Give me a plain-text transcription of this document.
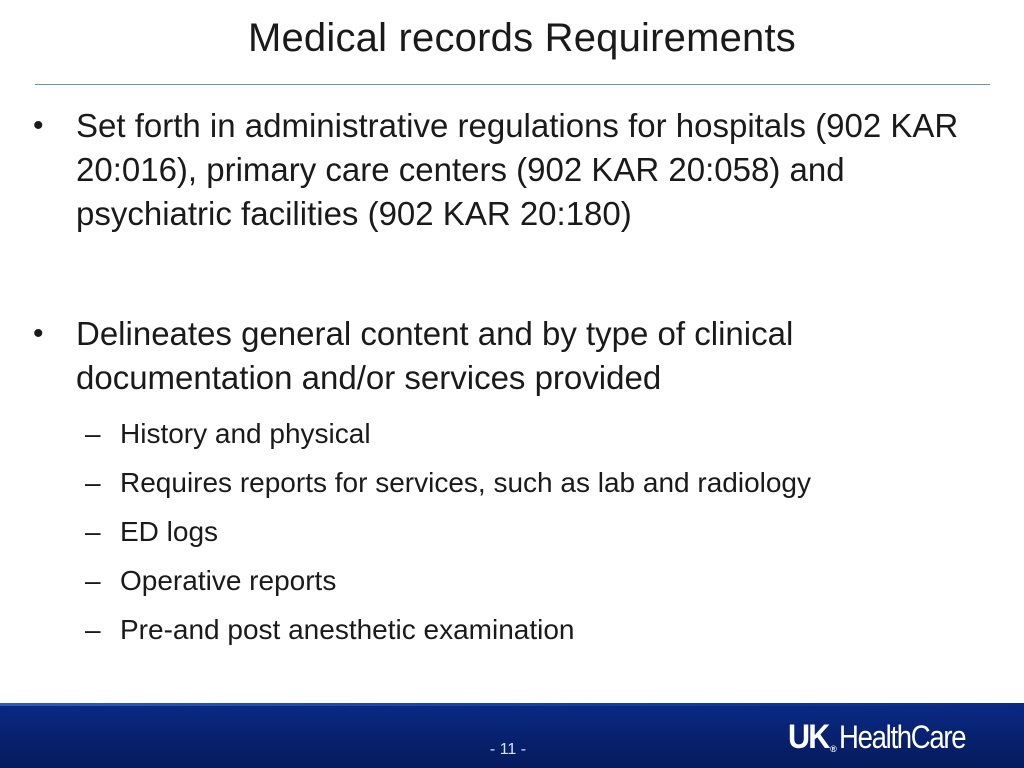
Medical records Requirements
• Set forth in administrative regulations for hospitals (902 KAR 20:016), primary care centers (902 KAR 20:058) and psychiatric facilities (902 KAR 20:180)
• Delineates general content and by type of clinical documentation and/or services provided
– History and physical
– Requires reports for services, such as lab and radiology
– ED logs
– Operative reports
– Pre-and post anesthetic examination
- 11 -	UK ® HealthCare
